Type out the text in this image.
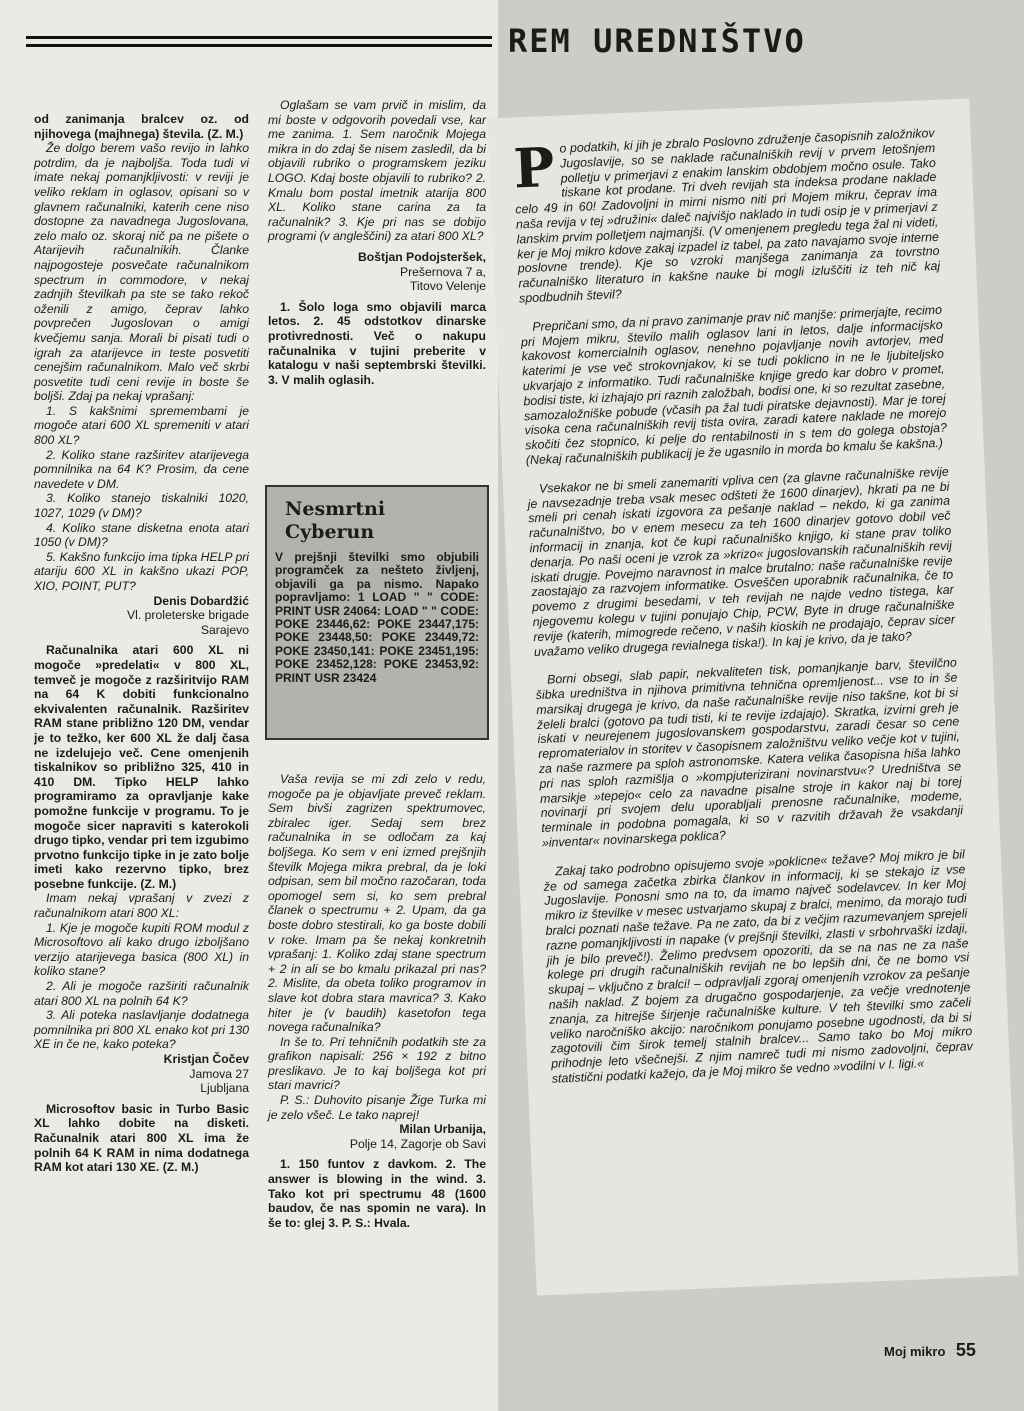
REM UREDNIŠTVO

od zanimanja bralcev oz. od njihovega (majhnega) števila. (Z. M.)

Že dolgo berem vašo revijo in lahko potrdim, da je najboljša. Toda tudi vi imate nekaj pomanjkljivosti: v reviji je veliko reklam in oglasov, opisani so v glavnem računalniki, katerih cene niso dostopne za navadnega Jugoslovana, zelo malo oz. skoraj nič pa ne pišete o Atarijevih računalnikih. Članke najpogosteje posvečate računalnikom spectrum in commodore, v nekaj zadnjih številkah pa ste se tako rekoč oženili z amigo, čeprav lahko povprečen Jugoslovan o amigi kvečjemu sanja. Morali bi pisati tudi o igrah za atarijevce in teste posvetiti cenejšim računalnikom. Malo več skrbi posvetite tudi ceni revije in boste še boljši. Zdaj pa nekaj vprašanj:

1. S kakšnimi spremembami je mogoče atari 600 XL spremeniti v atari 800 XL?

2. Koliko stane razširitev atarijevega pomnilnika na 64 K? Prosim, da cene navedete v DM.

3. Koliko stanejo tiskalniki 1020, 1027, 1029 (v DM)?

4. Koliko stane disketna enota atari 1050 (v DM)?

5. Kakšno funkcijo ima tipka HELP pri atariju 600 XL in kakšno ukazi POP, XIO, POINT, PUT?

Denis Dobardžić

Vl. proleterske brigade

Sarajevo

Računalnika atari 600 XL ni mogoče »predelati« v 800 XL, temveč je mogoče z razširitvijo RAM na 64 K dobiti funkcionalno ekvivalenten računalnik. Razširitev RAM stane približno 120 DM, vendar je to težko, ker 600 XL že dalj časa ne izdelujejo več. Cene omenjenih tiskalnikov so približno 325, 410 in 410 DM. Tipko HELP lahko programiramo za opravljanje kake pomožne funkcije v programu. To je mogoče sicer napraviti s katerokoli drugo tipko, vendar pri tem izgubimo prvotno funkcijo tipke in je zato bolje imeti kako rezervno tipko, brez posebne funkcije. (Z. M.)

Imam nekaj vprašanj v zvezi z računalnikom atari 800 XL:

1. Kje je mogoče kupiti ROM modul z Microsoftovo ali kako drugo izboljšano verzijo atarijevega basica (800 XL) in koliko stane?

2. Ali je mogoče razširiti računalnik atari 800 XL na polnih 64 K?

3. Ali poteka naslavljanje dodatnega pomnilnika pri 800 XL enako kot pri 130 XE in če ne, kako poteka?

Kristjan Čočev

Jamova 27

Ljubljana

Microsoftov basic in Turbo Basic XL lahko dobite na disketi. Računalnik atari 800 XL ima že polnih 64 K RAM in nima dodatnega RAM kot atari 130 XE. (Z. M.)

Oglašam se vam prvič in mislim, da mi boste v odgovorih povedali vse, kar me zanima. 1. Sem naročnik Mojega mikra in do zdaj še nisem zasledil, da bi objavili rubriko o programskem jeziku LOGO. Kdaj boste objavili to rubriko? 2. Kmalu bom postal imetnik atarija 800 XL. Koliko stane carina za ta računalnik? 3. Kje pri nas se dobijo programi (v angleščini) za atari 800 XL?

Boštjan Podojsteršek,

Prešernova 7 a,

Titovo Velenje

1. Šolo loga smo objavili marca letos. 2. 45 odstotkov dinarske protivrednosti. Več o nakupu računalnika v tujini preberite v katalogu v naši septembrski številki. 3. V malih oglasih.

Nesmrtni
Cyberun
V prejšnji številki smo objubili programček za nešteto življenj, objavili ga pa nismo. Napako popravljamo: 1 LOAD " " CODE: PRINT USR 24064: LOAD " " CODE: POKE 23446,62: POKE 23447,175: POKE 23448,50: POKE 23449,72: POKE 23450,141: POKE 23451,195: POKE 23452,128: POKE 23453,92: PRINT USR 23424

Vaša revija se mi zdi zelo v redu, mogoče pa je objavljate preveč reklam. Sem bivši zagrizen spektrumovec, zbiralec iger. Sedaj sem brez računalnika in se odločam za kaj boljšega. Ko sem v eni izmed prejšnjih številk Mojega mikra prebral, da je loki odpisan, sem bil močno razočaran, toda opomogel sem si, ko sem prebral članek o spectrumu + 2. Upam, da ga boste dobro stestirali, ko ga boste dobili v roke. Imam pa še nekaj konkretnih vprašanj: 1. Koliko zdaj stane spectrum + 2 in ali se bo kmalu prikazal pri nas? 2. Mislite, da obeta toliko programov in slave kot dobra stara mavrica? 3. Kako hiter je (v baudih) kasetofon tega novega računalnika?

In še to. Pri tehničnih podatkih ste za grafikon napisali: 256 × 192 z bitno preslikavo. Je to kaj boljšega kot pri stari mavrici?

P. S.: Duhovito pisanje Žige Turka mi je zelo všeč. Le tako naprej!

Milan Urbanija,

Polje 14, Zagorje ob Savi

1. 150 funtov z davkom. 2. The answer is blowing in the wind. 3. Tako kot pri spectrumu 48 (1600 baudov, če nas spomin ne vara). In še to: glej 3. P. S.: Hvala.

Po podatkih, ki jih je zbralo Poslovno združenje časopisnih založnikov Jugoslavije, so se naklade računalniških revij v prvem letošnjem polletju v primerjavi z enakim lanskim obdobjem močno osule. Tako tiskane kot prodane. Tri dveh revijah sta indeksa prodane naklade celo 49 in 60! Zadovoljni in mirni nismo niti pri Mojem mikru, čeprav ima naša revija v tej »družini« daleč najvišjo naklado in tudi osip je v primerjavi z lanskim prvim polletjem najmanjši. (V omenjenem pregledu tega žal ni videti, ker je Moj mikro kdove zakaj izpadel iz tabel, pa zato navajamo svoje interne poslovne trende). Kje so vzroki manjšega zanimanja za tovrstno računalniško literaturo in kakšne nauke bi mogli izluščiti iz teh nič kaj spodbudnih števil?

Prepričani smo, da ni pravo zanimanje prav nič manjše: primerjajte, recimo pri Mojem mikru, število malih oglasov lani in letos, dalje informacijsko kakovost komercialnih oglasov, nenehno pojavljanje novih avtorjev, med katerimi je vse več strokovnjakov, ki se tudi poklicno in ne le ljubiteljsko ukvarjajo z informatiko. Tudi računalniške knjige gredo kar dobro v promet, bodisi tiste, ki izhajajo pri raznih založbah, bodisi one, ki so rezultat zasebne, samozaložniške pobude (včasih pa žal tudi piratske dejavnosti). Mar je torej visoka cena računalniških revij tista ovira, zaradi katere naklade ne morejo skočiti čez stopnico, ki pelje do rentabilnosti in s tem do golega obstoja? (Nekaj računalniških publikacij je že ugasnilo in morda bo kmalu še kakšna.)

Vsekakor ne bi smeli zanemariti vpliva cen (za glavne računalniške revije je navsezadnje treba vsak mesec odšteti že 1600 dinarjev), hkrati pa ne bi smeli pri cenah iskati izgovora za pešanje naklad – nekdo, ki ga zanima računalništvo, bo v enem mesecu za teh 1600 dinarjev gotovo dobil več informacij in znanja, kot če kupi računalniško knjigo, ki stane prav toliko denarja. Po naši oceni je vzrok za »krizo« jugoslovanskih računalniških revij iskati drugje. Povejmo naravnost in malce brutalno: naše računalniške revije zaostajajo za razvojem informatike. Osveščen uporabnik računalnika, če to povemo z drugimi besedami, v teh revijah ne najde vedno tistega, kar njegovemu kolegu v tujini ponujajo Chip, PCW, Byte in druge računalniške revije (katerih, mimogrede rečeno, v naših kioskih ne prodajajo, čeprav sicer uvažamo veliko drugega revialnega tiska!). In kaj je krivo, da je tako?

Borni obsegi, slab papir, nekvaliteten tisk, pomanjkanje barv, številčno šibka uredništva in njihova primitivna tehnična opremljenost... vse to in še marsikaj drugega je krivo, da naše računalniške revije niso takšne, kot bi si želeli bralci (gotovo pa tudi tisti, ki te revije izdajajo). Skratka, izvirni greh je iskati v neurejenem jugoslovanskem gospodarstvu, zaradi česar so cene repromaterialov in storitev v časopisnem založništvu veliko večje kot v tujini, za naše razmere pa sploh astronomske. Katera velika časopisna hiša lahko pri nas sploh razmišlja o »kompjuterizirani novinarstvu«? Uredništva se marsikje »tepejo« celo za navadne pisalne stroje in kakor naj bi torej novinarji pri svojem delu uporabljali prenosne računalnike, modeme, terminale in podobna pomagala, ki so v razvitih državah že vsakdanji »inventar« novinarskega poklica?

Zakaj tako podrobno opisujemo svoje »poklicne« težave? Moj mikro je bil že od samega začetka zbirka člankov in informacij, ki se stekajo iz vse Jugoslavije. Ponosni smo na to, da imamo največ sodelavcev. In ker Moj mikro iz številke v mesec ustvarjamo skupaj z bralci, menimo, da morajo tudi bralci poznati naše težave. Pa ne zato, da bi z večjim razumevanjem sprejeli razne pomanjkljivosti in napake (v prejšnji številki, zlasti v srbohrvaški izdaji, jih je bilo preveč!). Želimo predvsem opozoriti, da se na nas ne za naše kolege pri drugih računalniških revijah ne bo lepših dni, če ne bomo vsi skupaj – vključno z bralci! – odpravljali zgoraj omenjenih vzrokov za pešanje naših naklad. Z bojem za drugačno gospodarjenje, za večje vrednotenje znanja, za hitrejše širjenje računalniške kulture. V teh številki smo začeli veliko naročniško akcijo: naročnikom ponujamo posebne ugodnosti, da bi si zagotovili čim širok temelj stalnih bralcev... Samo tako bo Moj mikro prihodnje leto všečnejši. Z njim namreč tudi mi nismo zadovoljni, čeprav statistični podatki kažejo, da je Moj mikro še vedno »vodilni v I. ligi.«

Moj mikro 55
